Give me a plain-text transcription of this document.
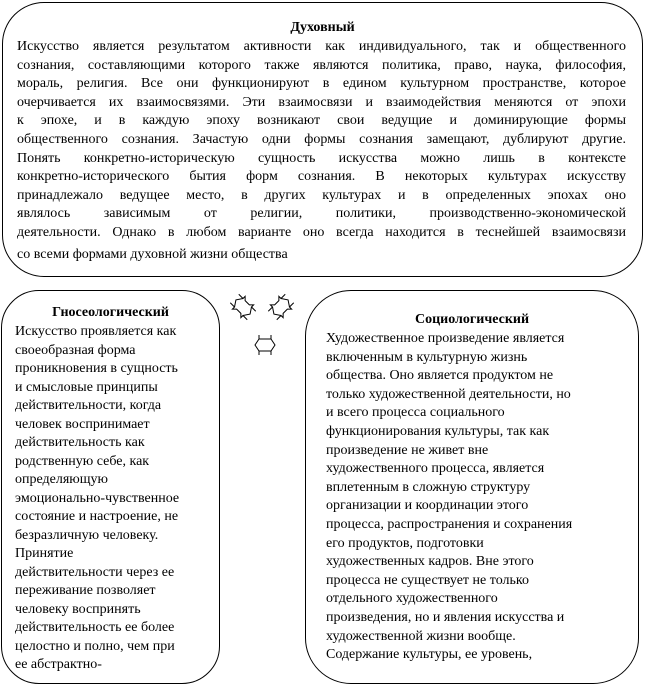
Духовный
Искусство является результатом активности как индивидуального, так и общественного
сознания, составляющими которого также являются политика, право, наука, философия,
мораль, религия. Все они функционируют в едином культурном пространстве, которое
очерчивается их взаимосвязями. Эти взаимосвязи и взаимодействия меняются от эпохи
к эпохе, и в каждую эпоху возникают свои ведущие и доминирующие формы
общественного сознания. Зачастую одни формы сознания замещают, дублируют другие.
Понять конкретно-историческую сущность искусства можно лишь в контексте
конкретно-исторического бытия форм сознания. В некоторых культурах искусству
принадлежало ведущее место, в других культурах и в определенных эпохах оно
являлось зависимым от религии, политики, производственно-экономической
деятельности. Однако в любом варианте оно всегда находится в теснейшей взаимосвязи
со всеми формами духовной жизни общества
Гносеологический
Искусство проявляется как
своеобразная форма
проникновения в сущность
и смысловые принципы
действительности, когда
человек воспринимает
действительность как
родственную себе, как
определяющую
эмоционально-чувственное
состояние и настроение, не
безразличную человеку.
Принятие
действительности через ее
переживание позволяет
человеку воспринять
действительность ее более
целостно и полно, чем при
ее абстрактно-
Социологический
Художественное произведение является
включенным в культурную жизнь
общества. Оно является продуктом не
только художественной деятельности, но
и всего процесса социального
функционирования культуры, так как
произведение не живет вне
художественного процесса, является
вплетенным в сложную структуру
организации и координации этого
процесса, распространения и сохранения
его продуктов, подготовки
художественных кадров. Вне этого
процесса не существует не только
отдельного художественного
произведения, но и явления искусства и
художественной жизни вообще.
Содержание культуры, ее уровень,
